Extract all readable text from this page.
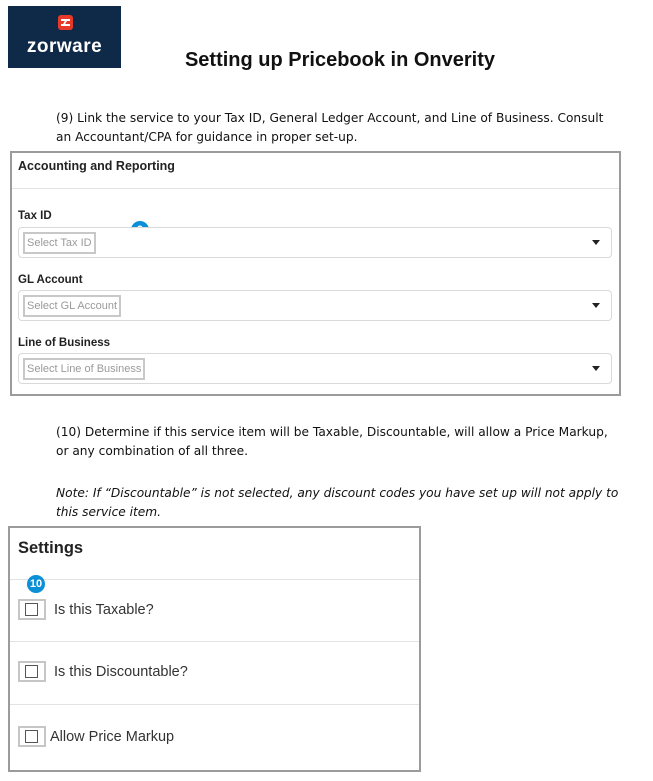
zorware
Setting up Pricebook in Onverity
(9) Link the service to your Tax ID, General Ledger Account, and Line of Business. Consult an Accountant/CPA for guidance in proper set-up.
Accounting and Reporting
Tax ID
Select Tax ID
GL Account
Select GL Account
Line of Business
Select Line of Business
(10) Determine if this service item will be Taxable, Discountable, will allow a Price Markup, or any combination of all three.
Note: If “Discountable” is not selected, any discount codes you have set up will not apply to this service item.
Settings
10
Is this Taxable?
Is this Discountable?
Allow Price Markup
